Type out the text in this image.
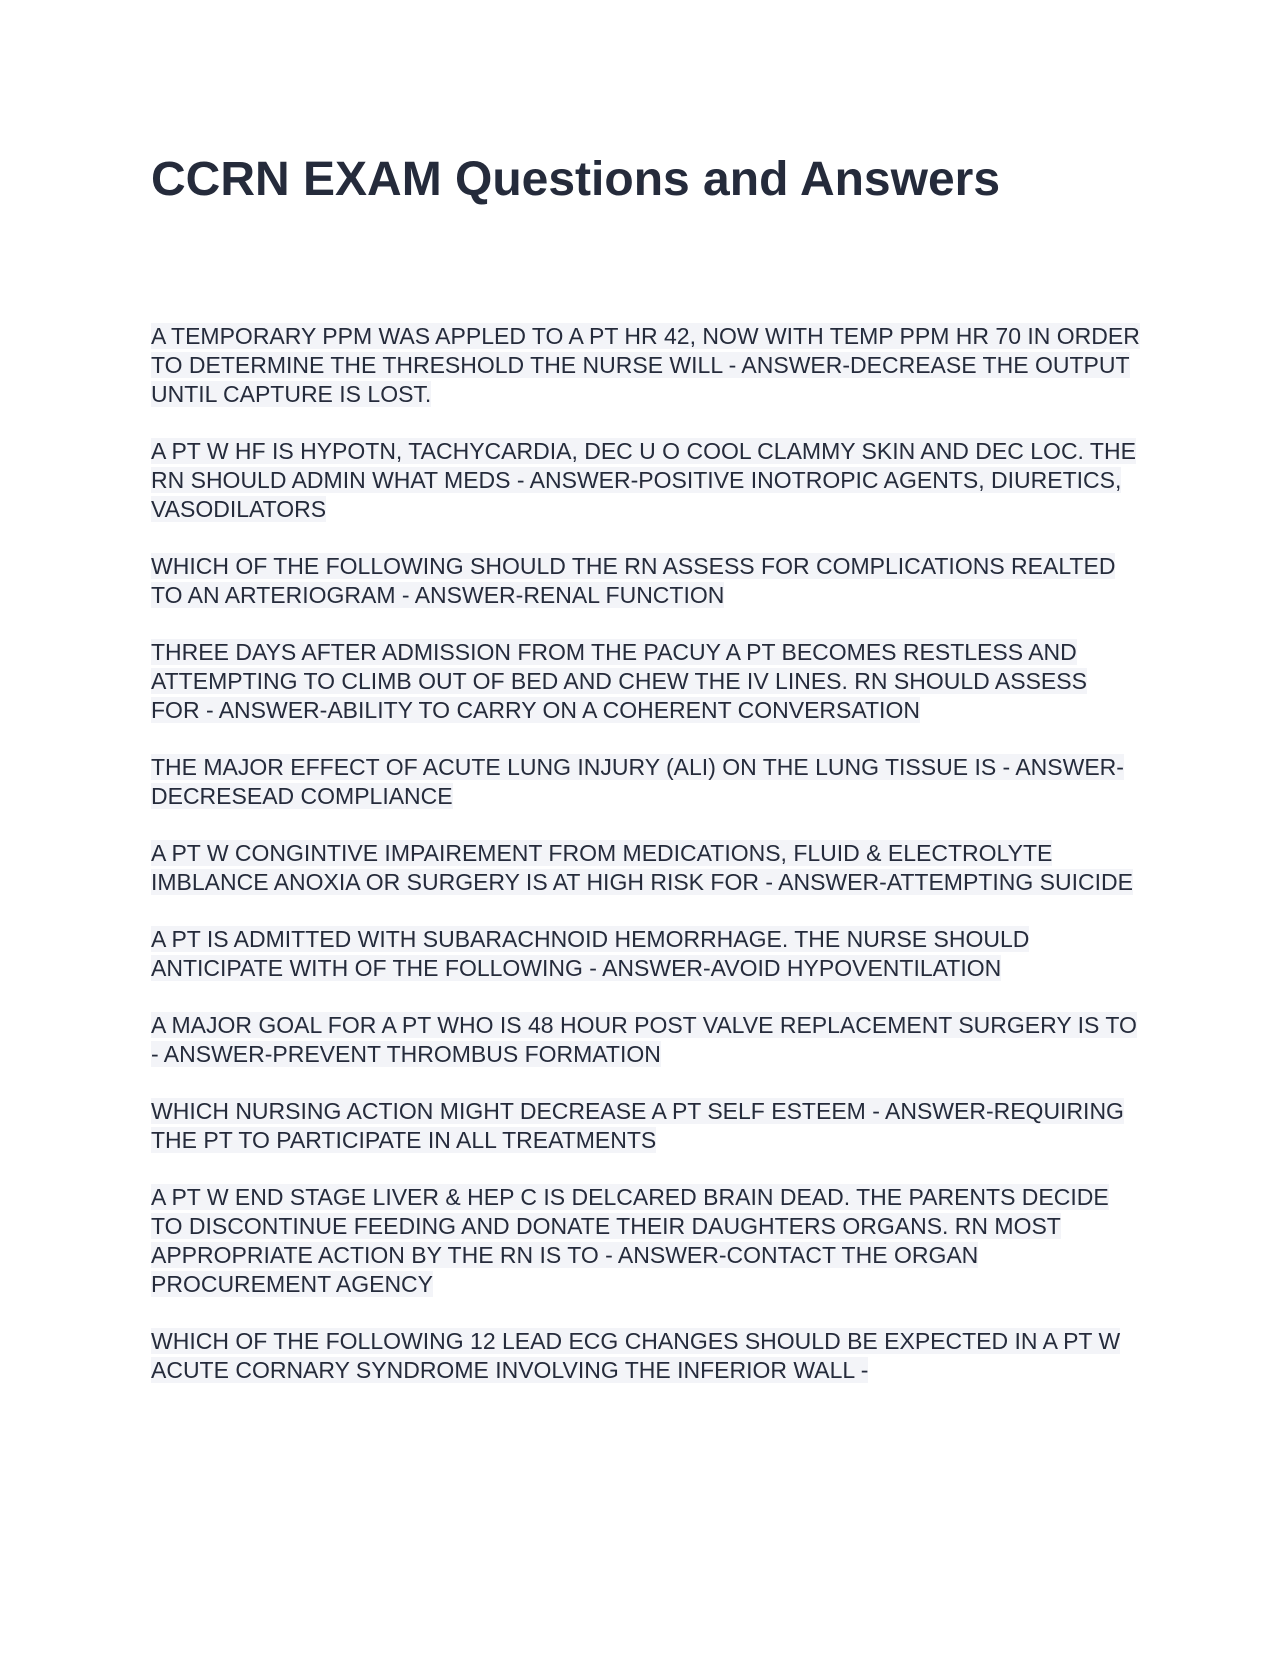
CCRN EXAM Questions and Answers

A TEMPORARY PPM WAS APPLED TO A PT HR 42, NOW WITH TEMP PPM HR 70 IN ORDER TO DETERMINE THE THRESHOLD THE NURSE WILL - ANSWER-DECREASE THE OUTPUT UNTIL CAPTURE IS LOST.

A PT W HF IS HYPOTN, TACHYCARDIA, DEC U O COOL CLAMMY SKIN AND DEC LOC. THE RN SHOULD ADMIN WHAT MEDS - ANSWER-POSITIVE INOTROPIC AGENTS, DIURETICS, VASODILATORS

WHICH OF THE FOLLOWING SHOULD THE RN ASSESS FOR COMPLICATIONS REALTED TO AN ARTERIOGRAM - ANSWER-RENAL FUNCTION

THREE DAYS AFTER ADMISSION FROM THE PACUY A PT BECOMES RESTLESS AND ATTEMPTING TO CLIMB OUT OF BED AND CHEW THE IV LINES. RN SHOULD ASSESS FOR - ANSWER-ABILITY TO CARRY ON A COHERENT CONVERSATION

THE MAJOR EFFECT OF ACUTE LUNG INJURY (ALI) ON THE LUNG TISSUE IS - ANSWER-DECRESEAD COMPLIANCE

A PT W CONGINTIVE IMPAIREMENT FROM MEDICATIONS, FLUID & ELECTROLYTE IMBLANCE ANOXIA OR SURGERY IS AT HIGH RISK FOR - ANSWER-ATTEMPTING SUICIDE

A PT IS ADMITTED WITH SUBARACHNOID HEMORRHAGE. THE NURSE SHOULD ANTICIPATE WITH OF THE FOLLOWING - ANSWER-AVOID HYPOVENTILATION

A MAJOR GOAL FOR A PT WHO IS 48 HOUR POST VALVE REPLACEMENT SURGERY IS TO - ANSWER-PREVENT THROMBUS FORMATION

WHICH NURSING ACTION MIGHT DECREASE A PT SELF ESTEEM - ANSWER-REQUIRING THE PT TO PARTICIPATE IN ALL TREATMENTS

A PT W END STAGE LIVER & HEP C IS DELCARED BRAIN DEAD. THE PARENTS DECIDE TO DISCONTINUE FEEDING AND DONATE THEIR DAUGHTERS ORGANS. RN MOST APPROPRIATE ACTION BY THE RN IS TO - ANSWER-CONTACT THE ORGAN PROCUREMENT AGENCY

WHICH OF THE FOLLOWING 12 LEAD ECG CHANGES SHOULD BE EXPECTED IN A PT W ACUTE CORNARY SYNDROME INVOLVING THE INFERIOR WALL -
